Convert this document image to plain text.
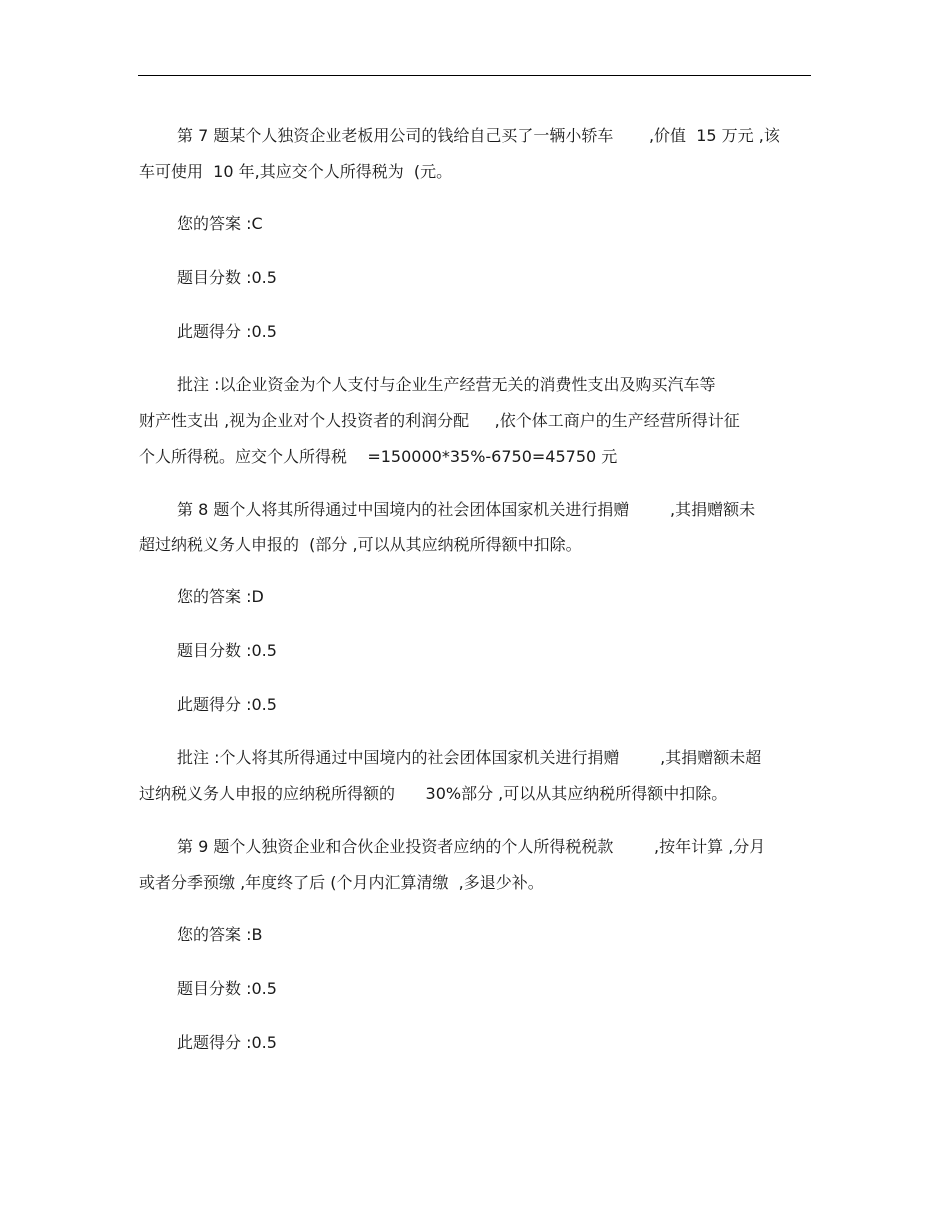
第 7 题某个人独资企业老板用公司的钱给自己买了一辆小轿车       ,价值  15 万元 ,该
车可使用  10 年,其应交个人所得税为  (元。
您的答案 :C
题目分数 :0.5
此题得分 :0.5
批注 :以企业资金为个人支付与企业生产经营无关的消费性支出及购买汽车等
财产性支出 ,视为企业对个人投资者的利润分配     ,依个体工商户的生产经营所得计征
个人所得税。应交个人所得税    =150000*35%-6750=45750 元
第 8 题个人将其所得通过中国境内的社会团体国家机关进行捐赠        ,其捐赠额未
超过纳税义务人申报的  (部分 ,可以从其应纳税所得额中扣除。
您的答案 :D
题目分数 :0.5
此题得分 :0.5
批注 :个人将其所得通过中国境内的社会团体国家机关进行捐赠        ,其捐赠额未超
过纳税义务人申报的应纳税所得额的      30%部分 ,可以从其应纳税所得额中扣除。
第 9 题个人独资企业和合伙企业投资者应纳的个人所得税税款        ,按年计算 ,分月
或者分季预缴 ,年度终了后 (个月内汇算清缴  ,多退少补。
您的答案 :B
题目分数 :0.5
此题得分 :0.5
